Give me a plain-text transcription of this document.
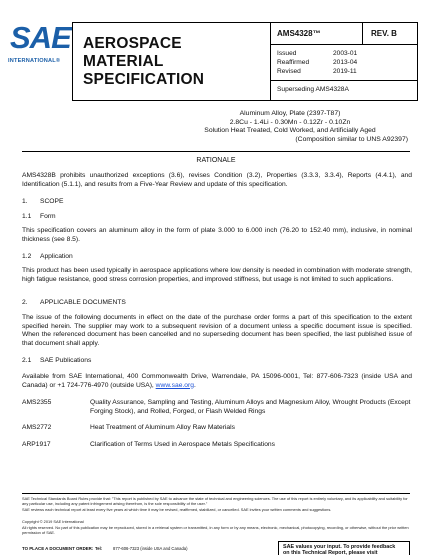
SAE
INTERNATIONAL®
AEROSPACE
MATERIAL SPECIFICATION
AMS4328™	REV. B
Issued	2003-01
Reaffirmed	2013-04
Revised	2019-11
Superseding AMS4328A
Aluminum Alloy, Plate (2397-T87)
2.8Cu - 1.4Li - 0.30Mn - 0.12Zr - 0.10Zn
Solution Heat Treated, Cold Worked, and Artificially Aged
(Composition similar to UNS A92397)
RATIONALE
AMS4328B prohibits unauthorized exceptions (3.6), revises Condition (3.2), Properties (3.3.3, 3.3.4), Reports (4.4.1), and Identification (5.1.1), and results from a Five-Year Review and update of this specification.
1. SCOPE
1.1 Form
This specification covers an aluminum alloy in the form of plate 3.000 to 6.000 inch (76.20 to 152.40 mm), inclusive, in nominal thickness (see 8.5).
1.2 Application
This product has been used typically in aerospace applications where low density is needed in combination with moderate strength, high fatigue resistance, good stress corrosion properties, and improved stiffness, but usage is not limited to such applications.
2. APPLICABLE DOCUMENTS
The issue of the following documents in effect on the date of the purchase order forms a part of this specification to the extent specified herein. The supplier may work to a subsequent revision of a document unless a specific document issue is specified. When the referenced document has been cancelled and no superseding document has been specified, the last published issue of that document shall apply.
2.1 SAE Publications
Available from SAE International, 400 Commonwealth Drive, Warrendale, PA 15096-0001, Tel: 877-606-7323 (inside USA and Canada) or +1 724-776-4970 (outside USA), www.sae.org.
AMS2355	Quality Assurance, Sampling and Testing, Aluminum Alloys and Magnesium Alloy, Wrought Products (Except Forging Stock), and Rolled, Forged, or Flash Welded Rings
AMS2772	Heat Treatment of Aluminum Alloy Raw Materials
ARP1917	Clarification of Terms Used in Aerospace Metals Specifications
SAE Technical Standards Board Rules provide that: "This report is published by SAE to advance the state of technical and engineering sciences. The use of this report is entirely voluntary, and its applicability and suitability for any particular use, including any patent infringement arising therefrom, is the sole responsibility of the user."
SAE reviews each technical report at least every five years at which time it may be revised, reaffirmed, stabilized, or cancelled. SAE invites your written comments and suggestions.
Copyright © 2019 SAE International
All rights reserved. No part of this publication may be reproduced, stored in a retrieval system or transmitted, in any form or by any means, electronic, mechanical, photocopying, recording, or otherwise, without the prior written permission of SAE.
TO PLACE A DOCUMENT ORDER: Tel:	877-606-7323 (inside USA and Canada)	SAE values your input. To provide feedback
on this Technical Report, please visit
